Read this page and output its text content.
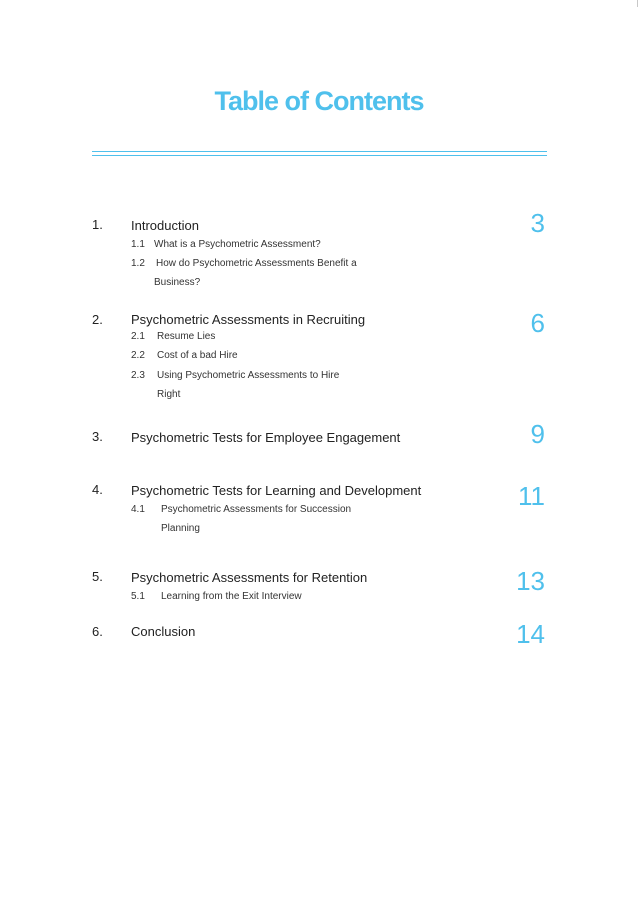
Table of Contents
1. Introduction	3
1.1 What is a Psychometric Assessment?
1.2 How do Psychometric Assessments Benefit a
Business?
2. Psychometric Assessments in Recruiting	6
2.1 Resume Lies
2.2 Cost of a bad Hire
2.3 Using Psychometric Assessments to Hire
Right
3. Psychometric Tests for Employee Engagement	9
4. Psychometric Tests for Learning and Development	11
4.1 Psychometric Assessments for Succession
Planning
5. Psychometric Assessments for Retention	13
5.1 Learning from the Exit Interview
6. Conclusion	14
